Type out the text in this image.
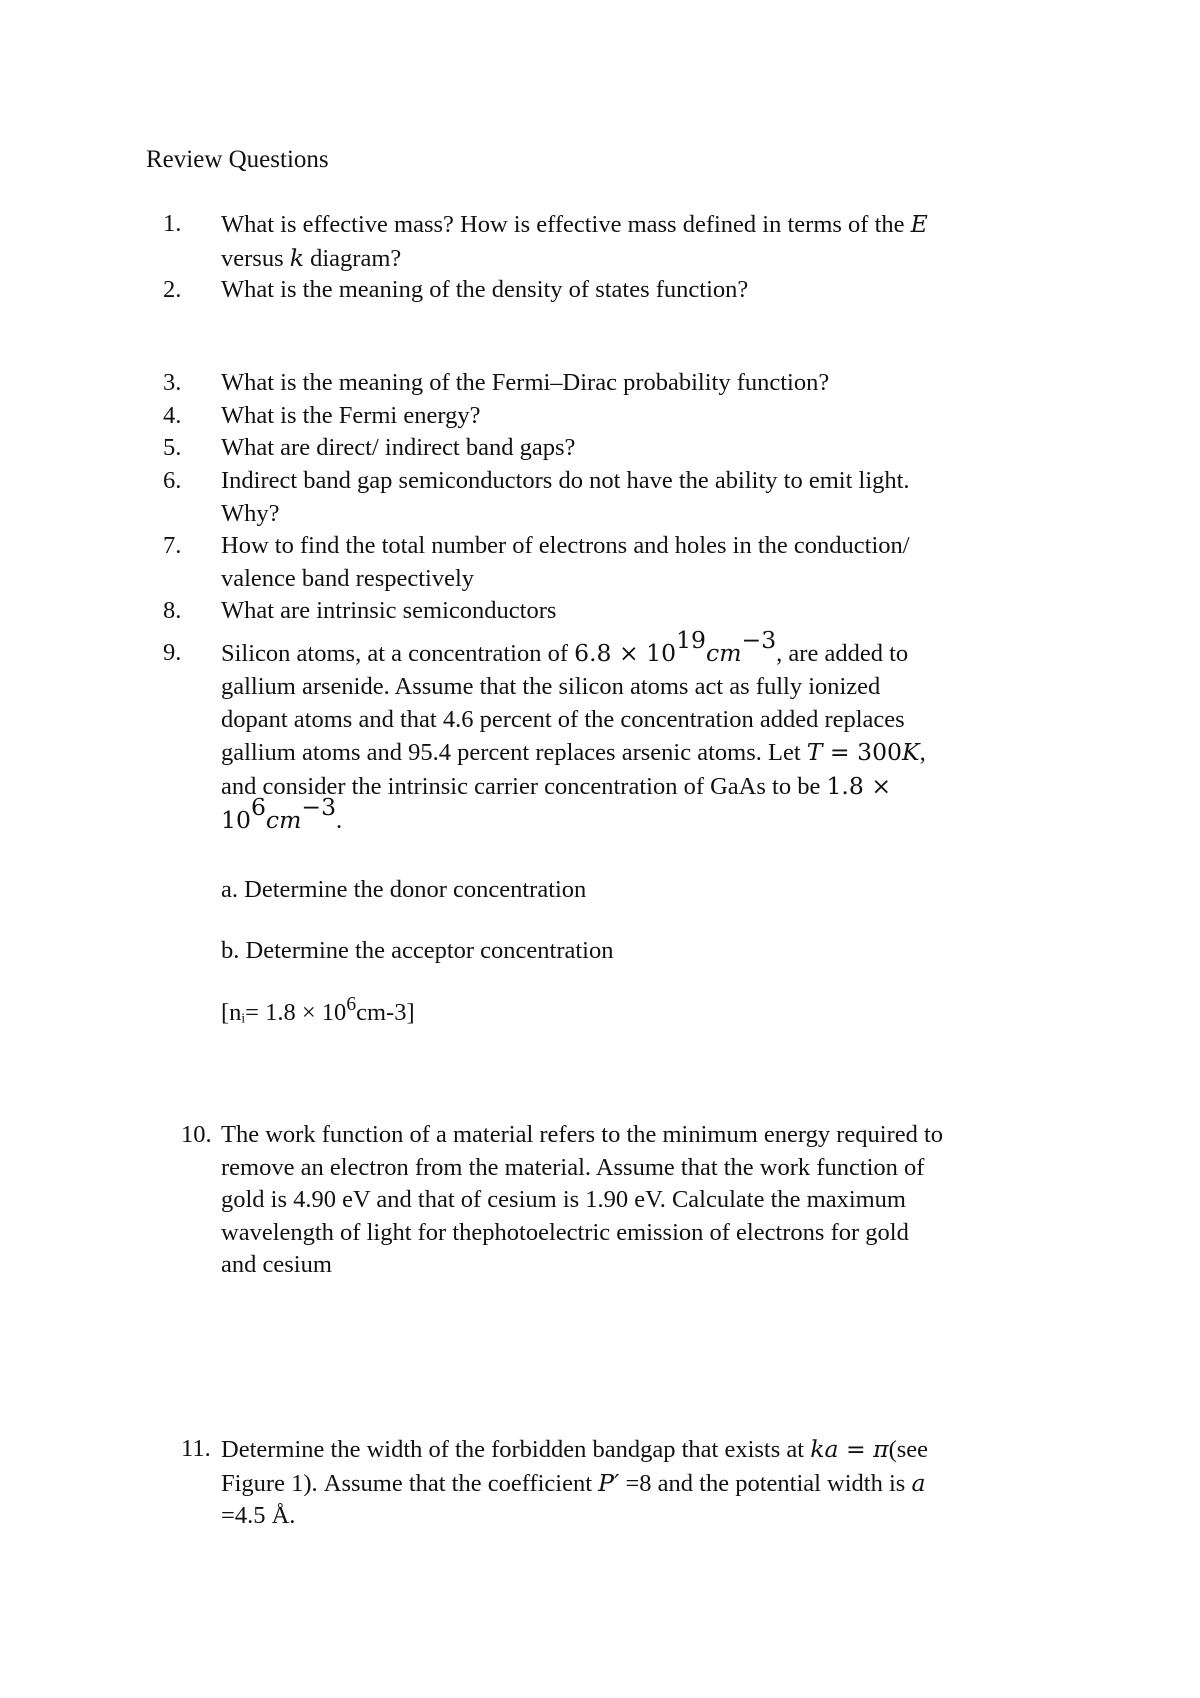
Review Questions
1.	What is effective mass? How is effective mass defined in terms of the E
versus k diagram?
2.	What is the meaning of the density of states function?
3.	What is the meaning of the Fermi–Dirac probability function?
4.	What is the Fermi energy?
5.	What are direct/ indirect band gaps?
6.	Indirect band gap semiconductors do not have the ability to emit light.
Why?
7.	How to find the total number of electrons and holes in the conduction/
valence band respectively
8.	What are intrinsic semiconductors
9.	Silicon atoms, at a concentration of $6.8 \times 10^{19}cm^{-3}$, are added to
gallium arsenide. Assume that the silicon atoms act as fully ionized
dopant atoms and that 4.6 percent of the concentration added replaces
gallium atoms and 95.4 percent replaces arsenic atoms. Let T = 300K,
and consider the intrinsic carrier concentration of GaAs to be 1.8 ×
$10^6cm^{-3}$.
a. Determine the donor concentration
b. Determine the acceptor concentration
$[ni= 1.8 \times 10^6cm-3]$
10. The work function of a material refers to the minimum energy required to
remove an electron from the material. Assume that the work function of
gold is 4.90 eV and that of cesium is 1.90 eV. Calculate the maximum
wavelength of light for thephotoelectric emission of electrons for gold
and cesium
11. Determine the width of the forbidden bandgap that exists at ka = π(see
Figure 1). Assume that the coefficient P′ =8 and the potential width is a
=4.5 Å.
